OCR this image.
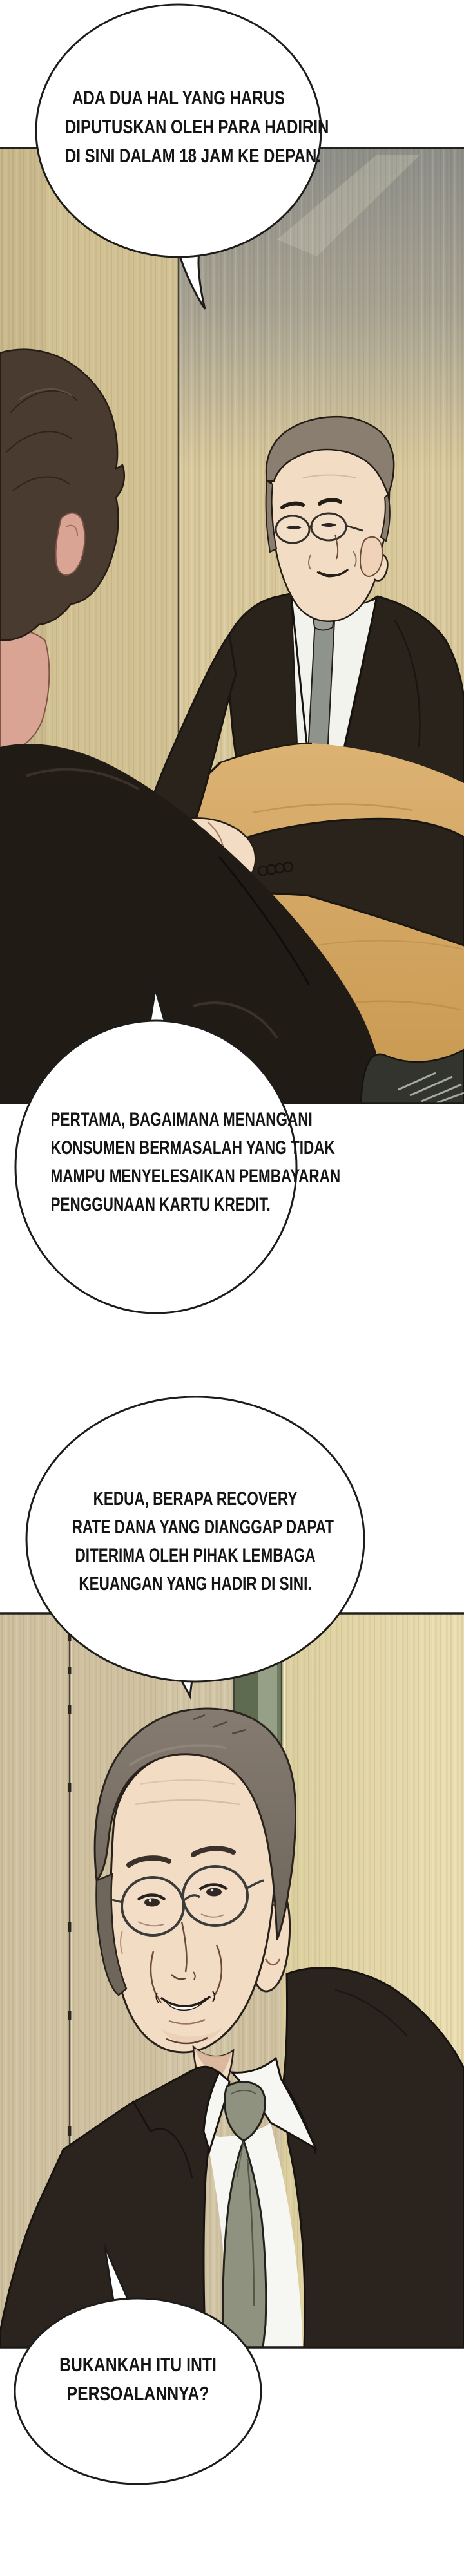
ADA DUA HAL YANG HARUS
DIPUTUSKAN OLEH PARA HADIRIN
DI SINI DALAM 18 JAM KE DEPAN.
PERTAMA, BAGAIMANA MENANGANI
KONSUMEN BERMASALAH YANG TIDAK
MAMPU MENYELESAIKAN PEMBAYARAN
PENGGUNAAN KARTU KREDIT.
KEDUA, BERAPA RECOVERY
RATE DANA YANG DIANGGAP DAPAT
DITERIMA OLEH PIHAK LEMBAGA
KEUANGAN YANG HADIR DI SINI.
BUKANKAH ITU INTI
PERSOALANNYA?
